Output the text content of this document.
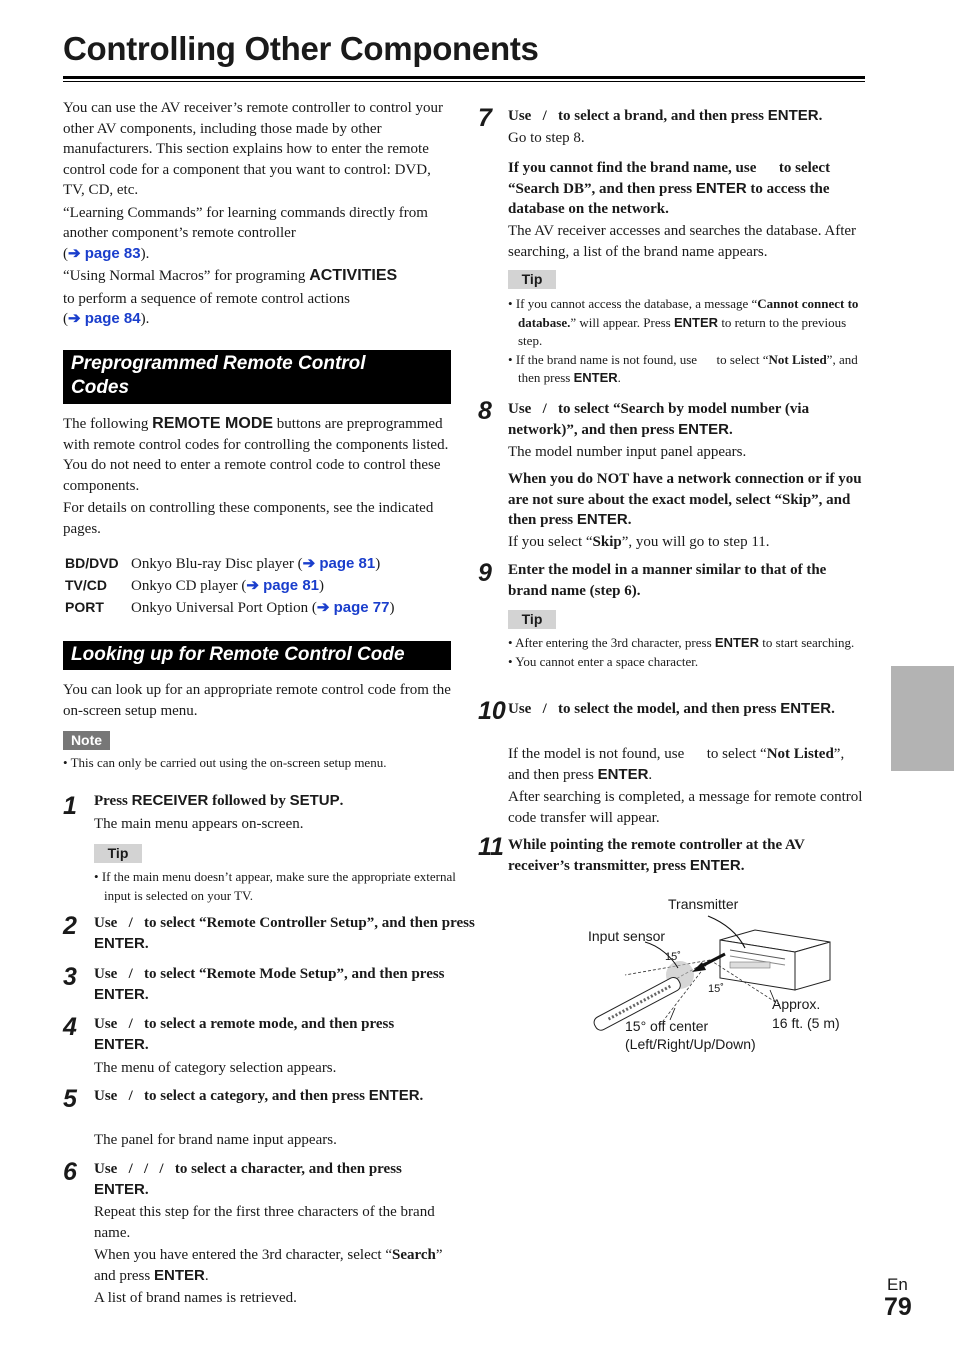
Controlling Other Components
You can use the AV receiver’s remote controller to control your other AV components, including those made by other manufacturers. This section explains how to enter the remote control code for a component that you want to control: DVD, TV, CD, etc.
“Learning Commands” for learning commands directly from another component’s remote controller
(➔ page 83).
“Using Normal Macros” for programing ACTIVITIES
to perform a sequence of remote control actions
(➔ page 84).
Preprogrammed Remote Control
Codes
The following REMOTE MODE buttons are preprogrammed with remote control codes for controlling the components listed. You do not need to enter a remote control code to control these components.
For details on controlling these components, see the indicated pages.
BD/DVD Onkyo Blu-ray Disc player (➔ page 81)
TV/CD Onkyo CD player (➔ page 81)
PORT Onkyo Universal Port Option (➔ page 77)
Looking up for Remote Control Code
You can look up for an appropriate remote control code from the on-screen setup menu.
Note
• This can only be carried out using the on-screen setup menu.
1 Press RECEIVER followed by SETUP.
The main menu appears on-screen.
Tip
• If the main menu doesn’t appear, make sure the appropriate external input is selected on your TV.
2 Use   /   to select “Remote Controller Setup”, and then press ENTER.
3 Use   /   to select “Remote Mode Setup”, and then press ENTER.
4 Use   /   to select a remote mode, and then press ENTER.
The menu of category selection appears.
5 Use   /   to select a category, and then press ENTER.
The panel for brand name input appears.
6 Use   /   /   /   to select a character, and then press ENTER.
Repeat this step for the first three characters of the brand name.
When you have entered the 3rd character, select “Search” and press ENTER.
A list of brand names is retrieved.
7 Use   /   to select a brand, and then press ENTER.
Go to step 8.
If you cannot find the brand name, use      to select “Search DB”, and then press ENTER to access the database on the network.
The AV receiver accesses and searches the database. After searching, a list of the brand name appears.
Tip
• If you cannot access the database, a message “Cannot connect to database.” will appear. Press ENTER to return to the previous step.
• If the brand name is not found, use      to select “Not Listed”, and then press ENTER.
8 Use   /   to select “Search by model number (via network)”, and then press ENTER.
The model number input panel appears.
When you do NOT have a network connection or if you are not sure about the exact model, select “Skip”, and then press ENTER.
If you select “Skip”, you will go to step 11.
9 Enter the model in a manner similar to that of the brand name (step 6).
Tip
• After entering the 3rd character, press ENTER to start searching.
• You cannot enter a space character.
10 Use   /   to select the model, and then press ENTER.
If the model is not found, use      to select “Not Listed”, and then press ENTER.
After searching is completed, a message for remote control code transfer will appear.
11 While pointing the remote controller at the AV receiver’s transmitter, press ENTER.
Transmitter
Input sensor
15˚
15˚
Approx.
16 ft. (5 m)
15° off center
(Left/Right/Up/Down)
En
79
